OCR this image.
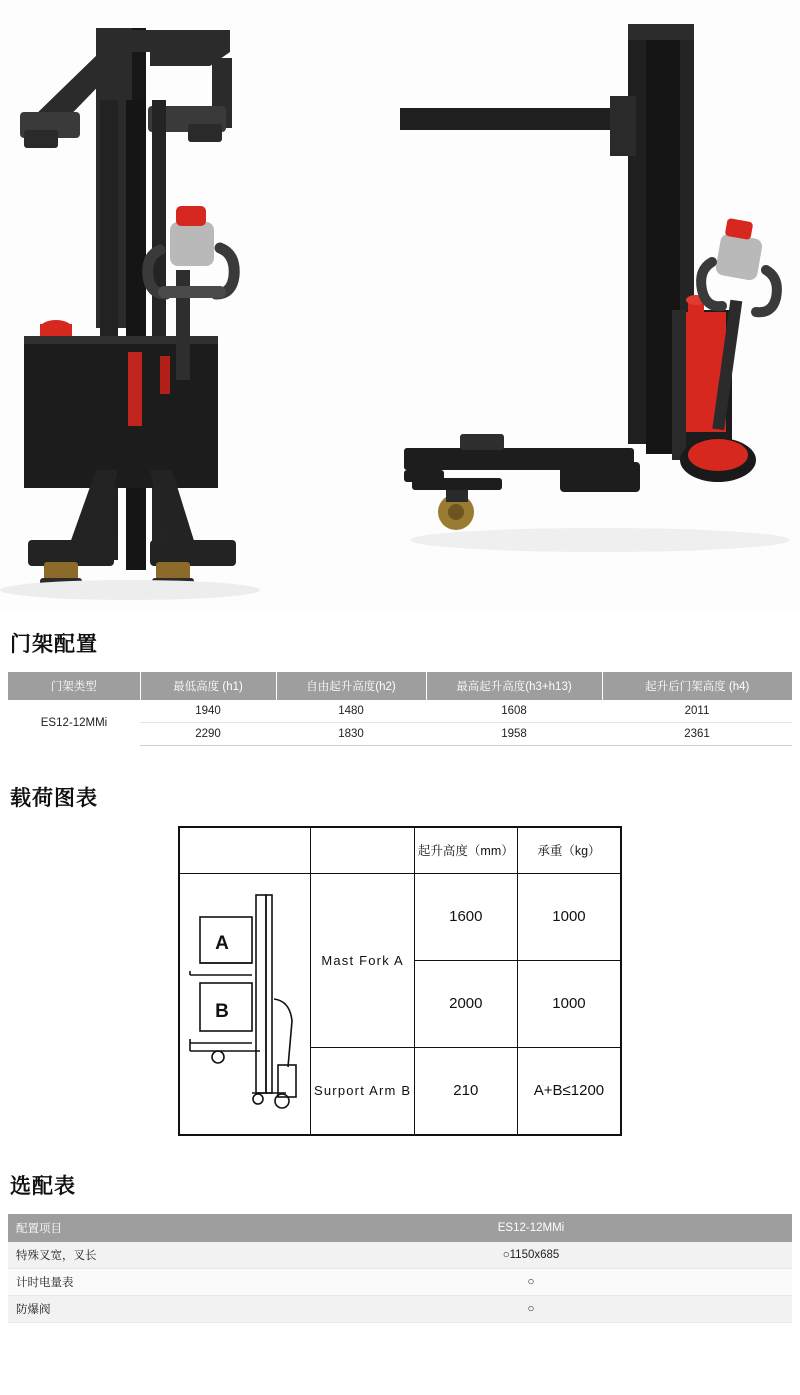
门架配置
门架类型	最低高度 (h1)	自由起升高度(h2)	最高起升高度(h3+h13)	起升后门架高度 (h4)
ES12-12MMi	1940	1480	1608	2011
	2290	1830	1958	2361
载荷图表
		起升高度（mm）	承重（kg）

A
B	Mast Fork A	1600	1000
		2000	1000
	Surport Arm B	210	A+B≤1200
选配表
配置项目	ES12-12MMi
特殊叉宽，叉长	○1150x685
计时电量表	○
防爆阀	○
